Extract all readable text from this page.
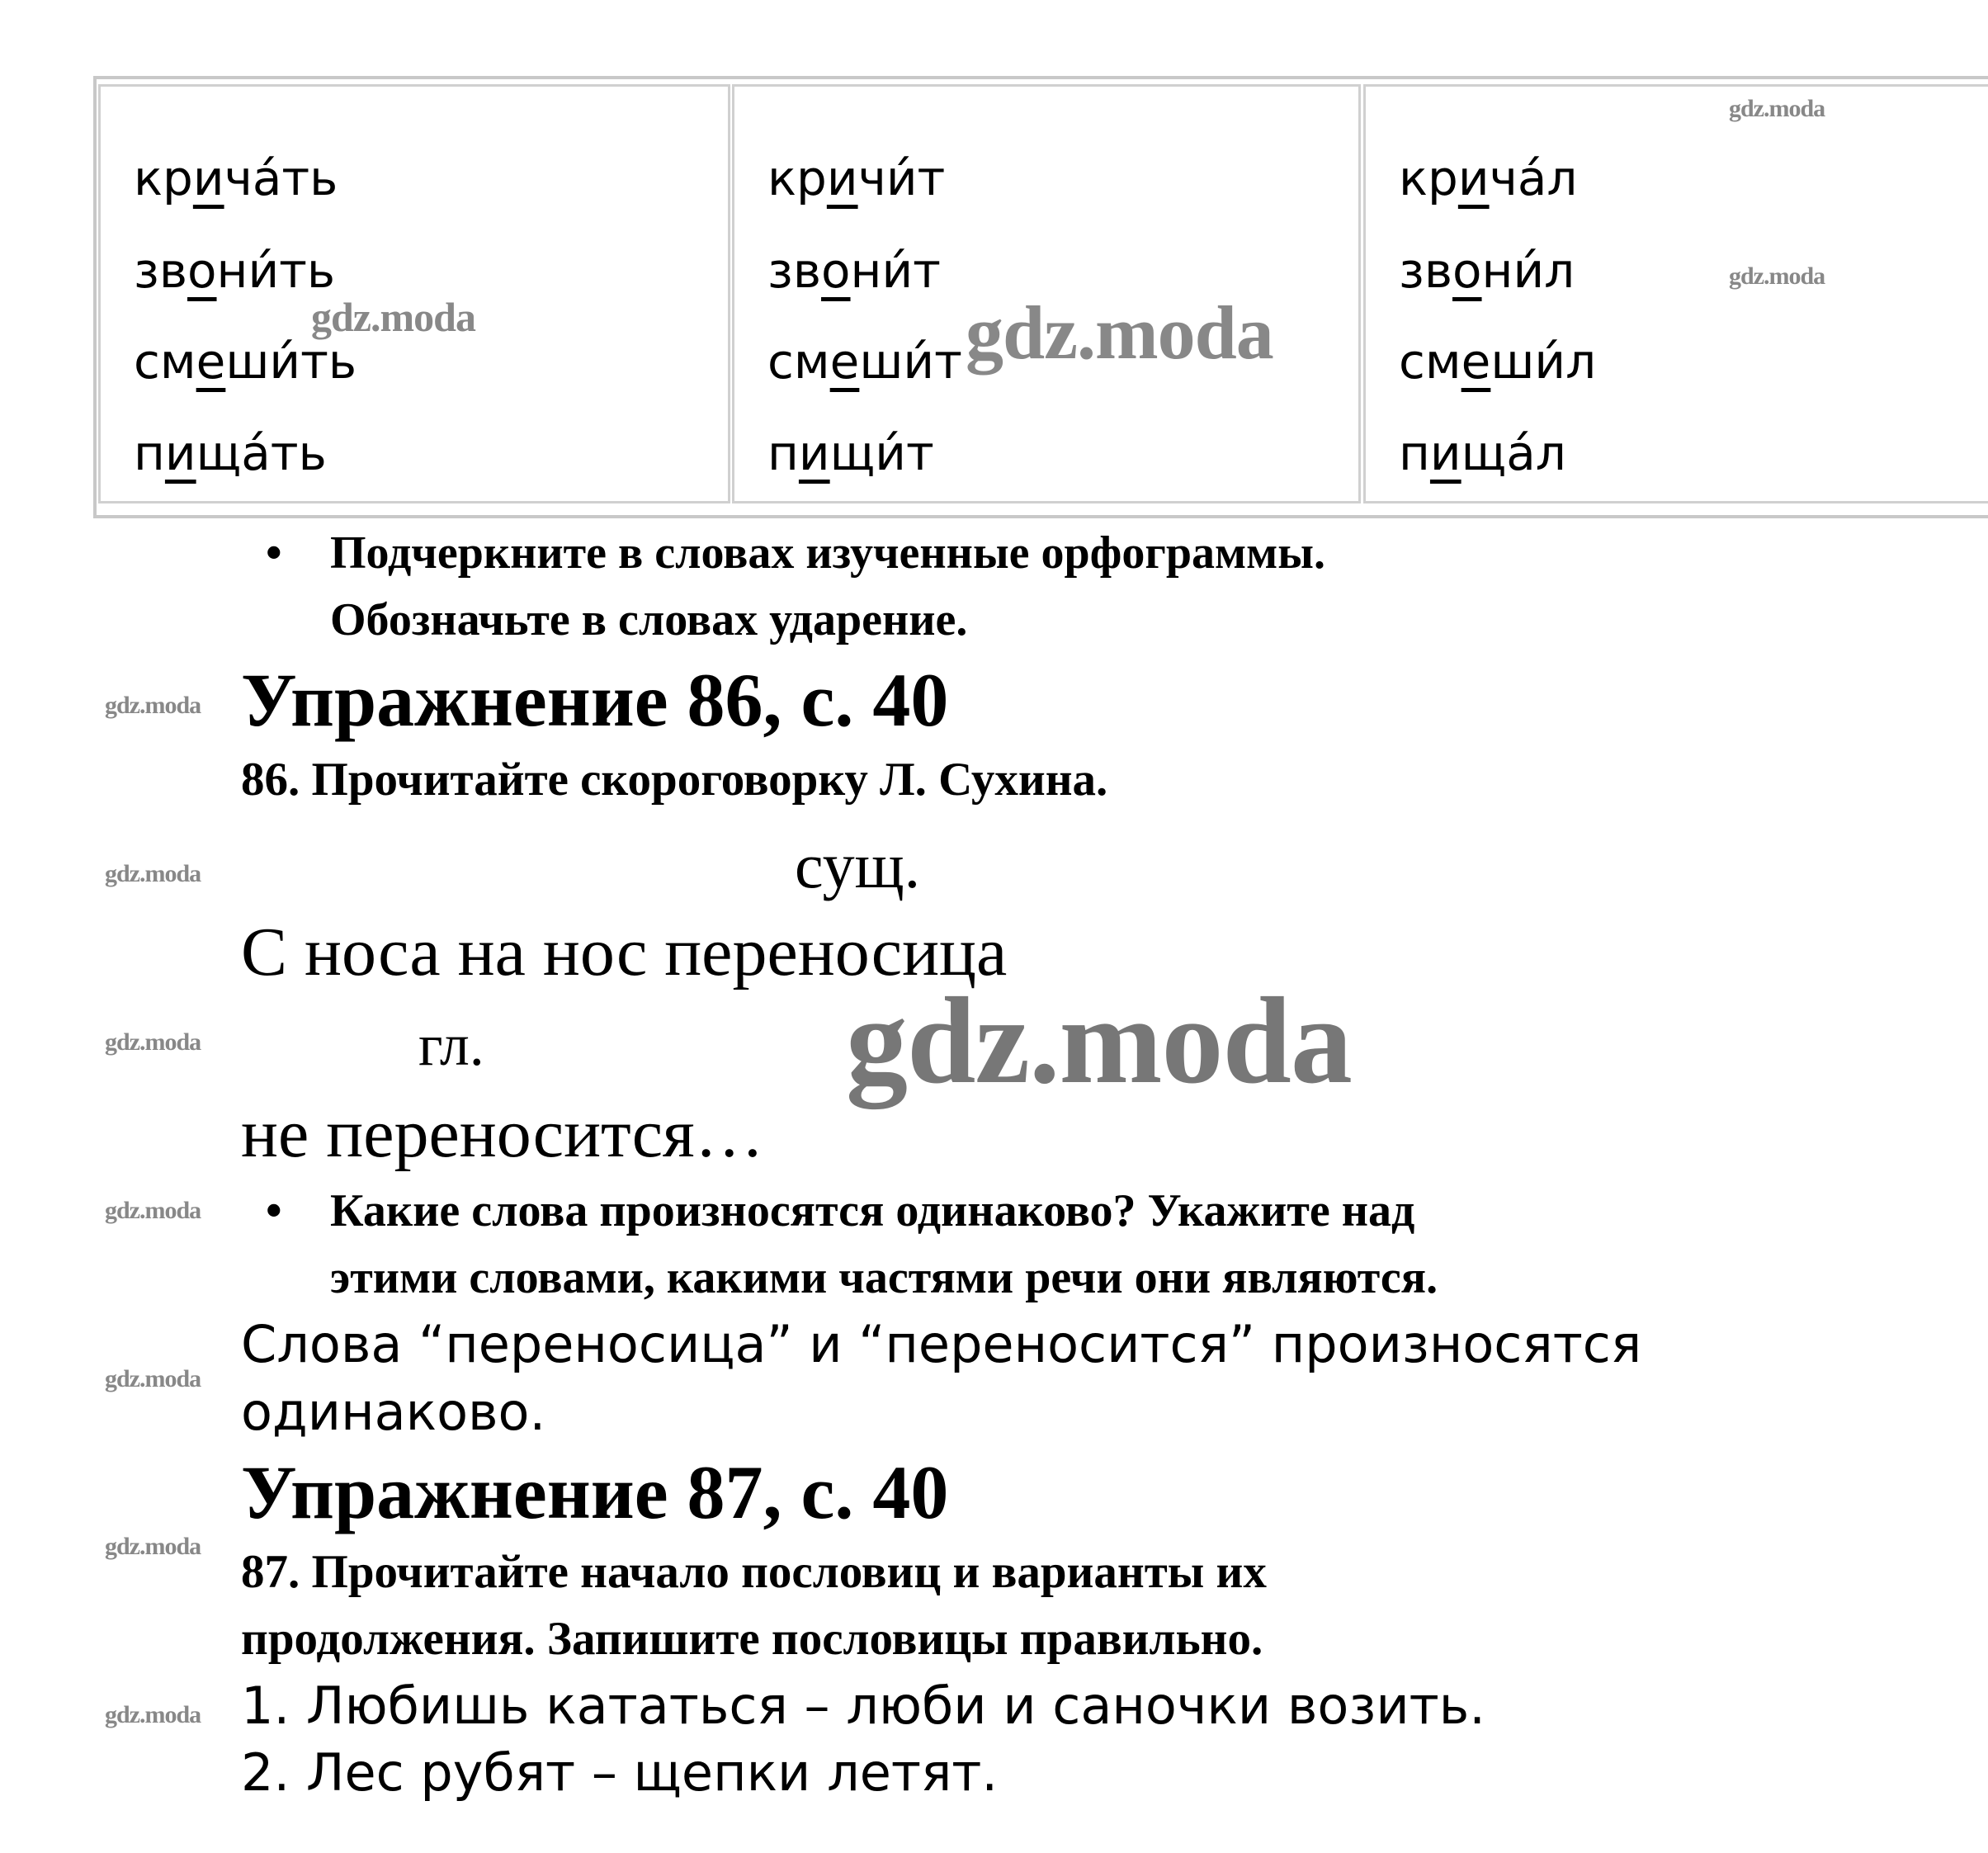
крича́ть
звони́ть
смеши́ть
пища́ть
gdz.moda
кричи́т
звони́т
смеши́т
пищи́т
gdz.moda
крича́л
звони́л
смеши́л
пища́л
gdz.moda
gdz.moda
• Подчеркните в словах изученные орфограммы.
Обозначьте в словах ударение.
gdz.moda
gdz.moda
gdz.moda
gdz.moda
gdz.moda
gdz.moda
gdz.moda
Упражнение 86, с. 40
86. Прочитайте скороговорку Л. Сухина.
сущ.
С носа на нос переносица
гл.	gdz.moda
не переносится…
• Какие слова произносятся одинаково? Укажите над
этими словами, какими частями речи они являются.
Слова “переносица” и “переносится” произносятся
одинаково.
Упражнение 87, с. 40
87. Прочитайте начало пословиц и варианты их
продолжения. Запишите пословицы правильно.
1. Любишь кататься – люби и саночки возить.
2. Лес рубят – щепки летят.
